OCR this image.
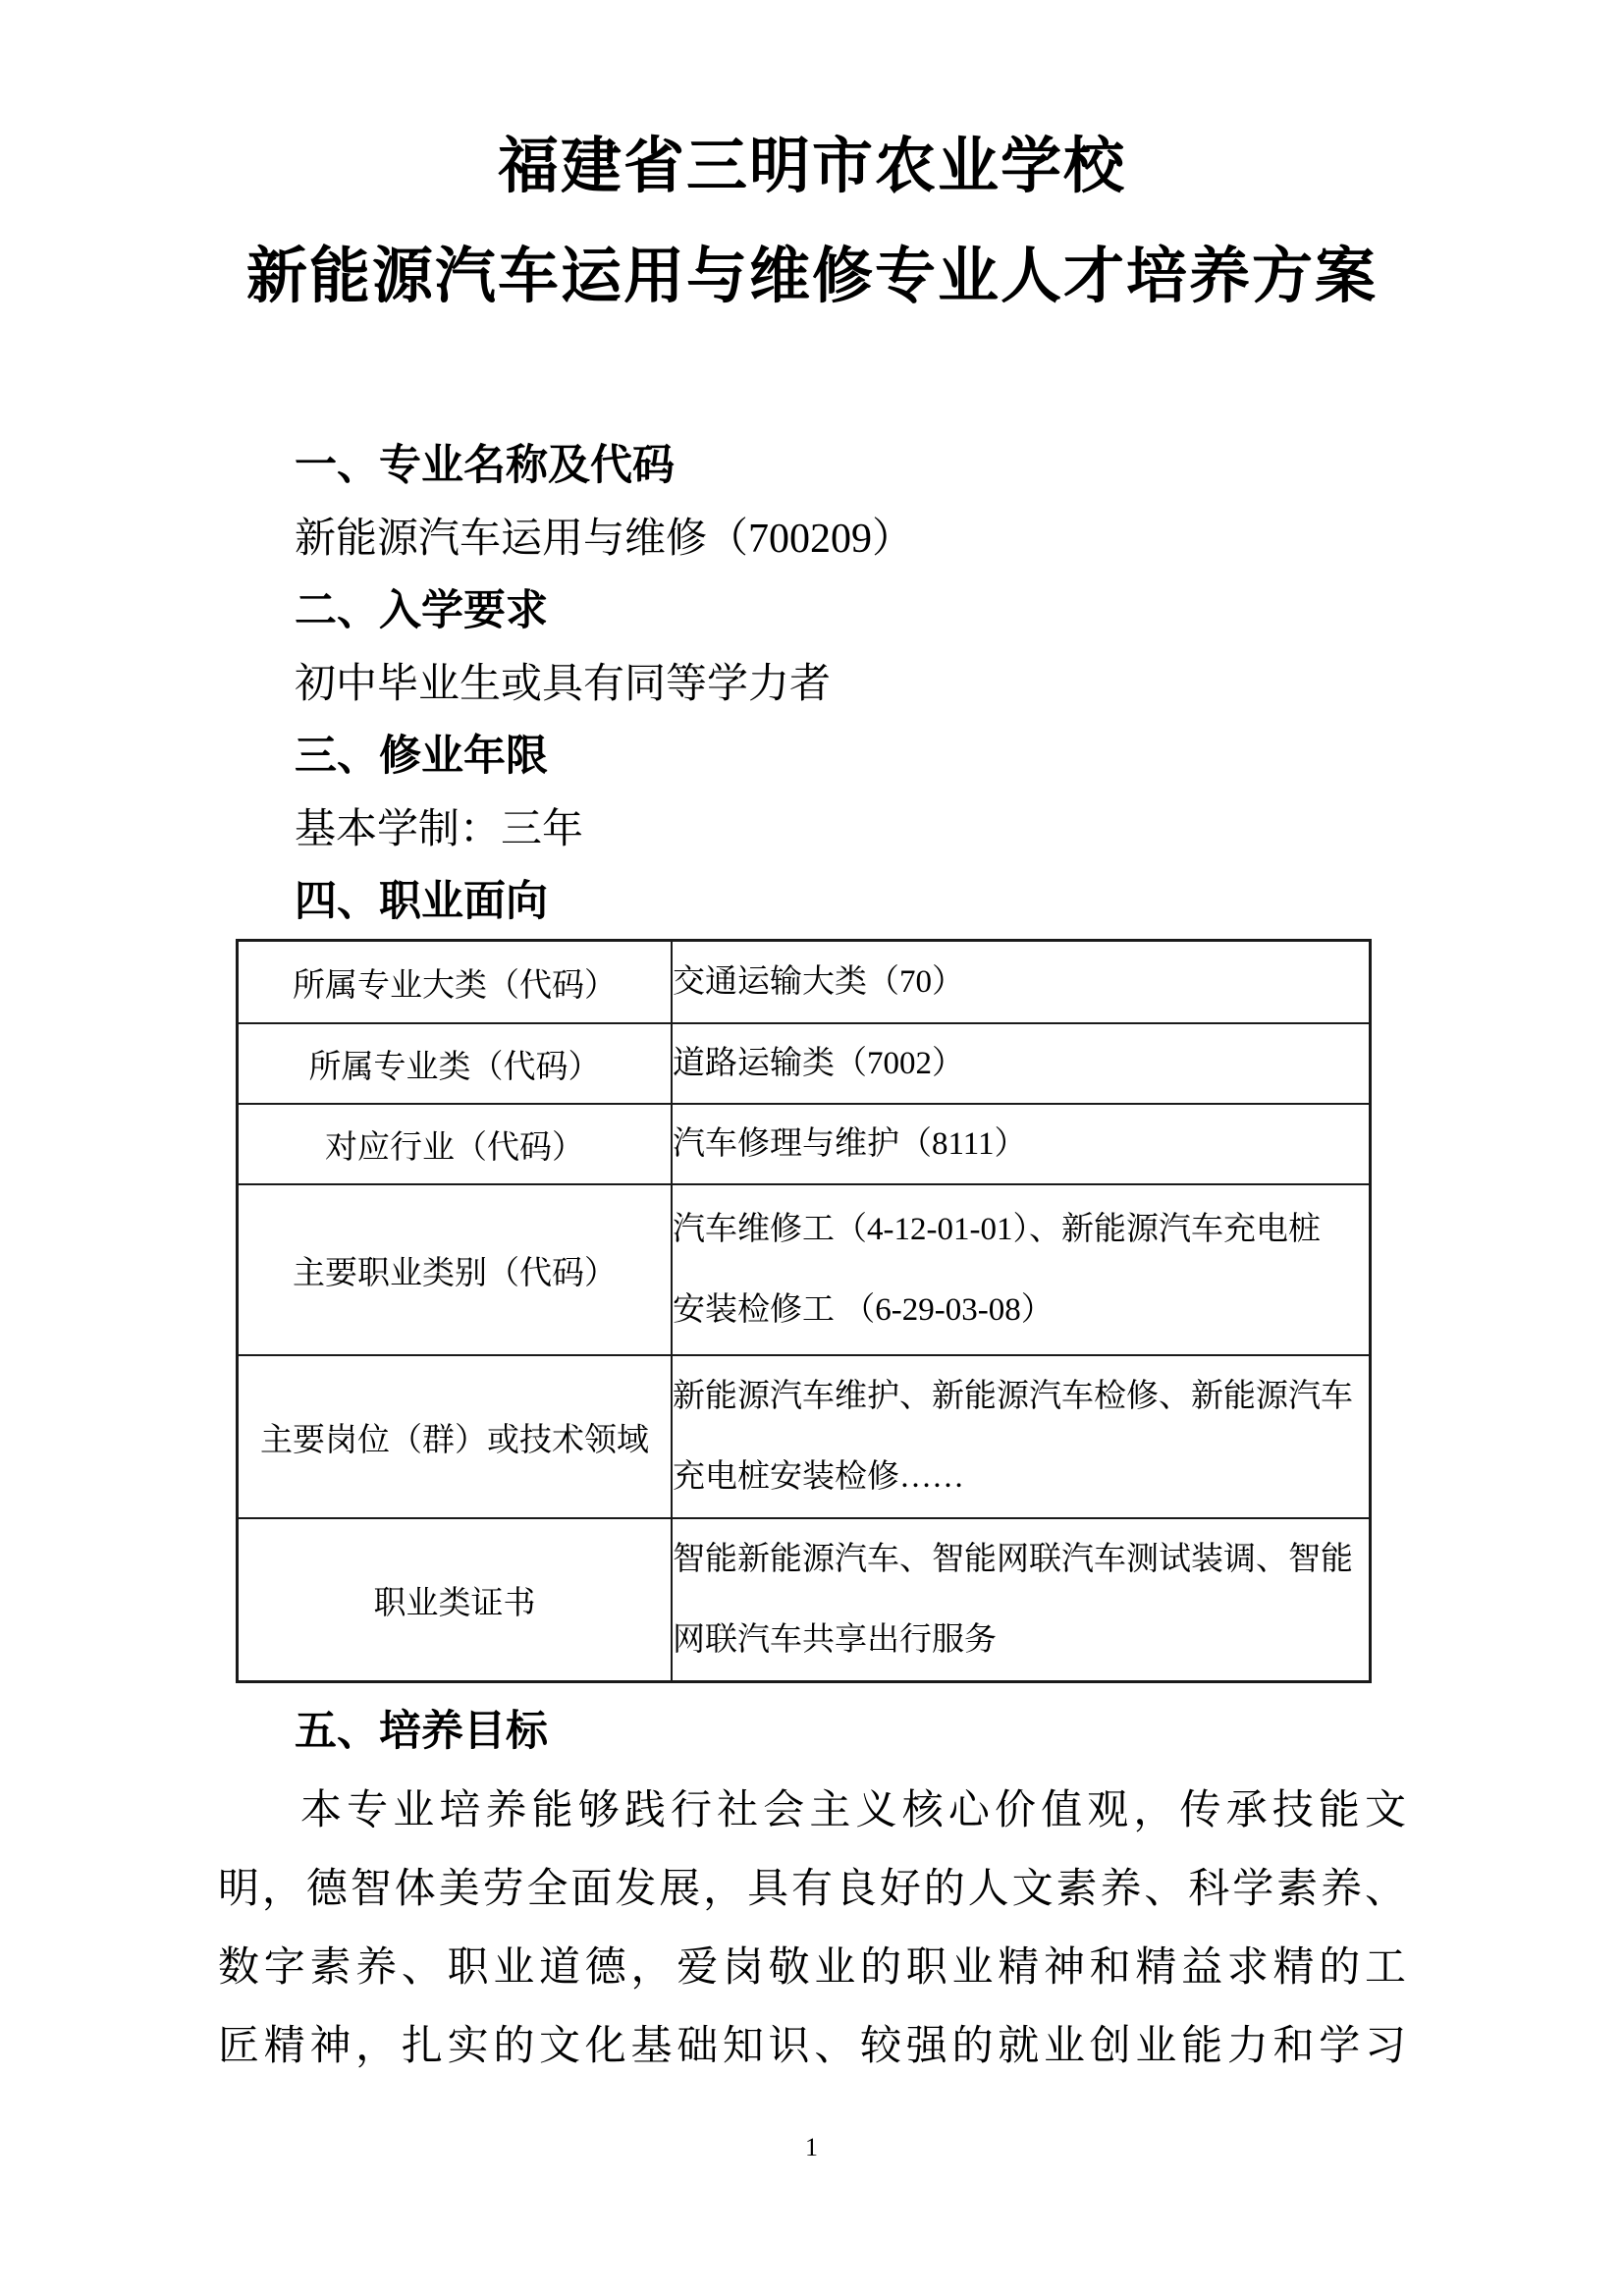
福建省三明市农业学校
新能源汽车运用与维修专业人才培养方案
一、专业名称及代码
新能源汽车运用与维修（700209）
二、入学要求
初中毕业生或具有同等学力者
三、修业年限
基本学制：三年
四、职业面向
所属专业大类（代码）	交通运输大类（70）

所属专业类（代码）	道路运输类（7002）

对应行业（代码）	汽车修理与维护（8111）

主要职业类别（代码）	汽车维修工（4-12-01-01）、新能源汽车充电桩
安装检修工 （6-29-03-08）

主要岗位（群）或技术领域	新能源汽车维护、新能源汽车检修、新能源汽车
充电桩安装检修……

职业类证书	智能新能源汽车、智能网联汽车测试装调、智能
网联汽车共享出行服务
五、培养目标
本专业培养能够践行社会主义核心价值观，传承技能文
明，德智体美劳全面发展，具有良好的人文素养、科学素养、
数字素养、职业道德，爱岗敬业的职业精神和精益求精的工
匠精神，扎实的文化基础知识、较强的就业创业能力和学习
1
